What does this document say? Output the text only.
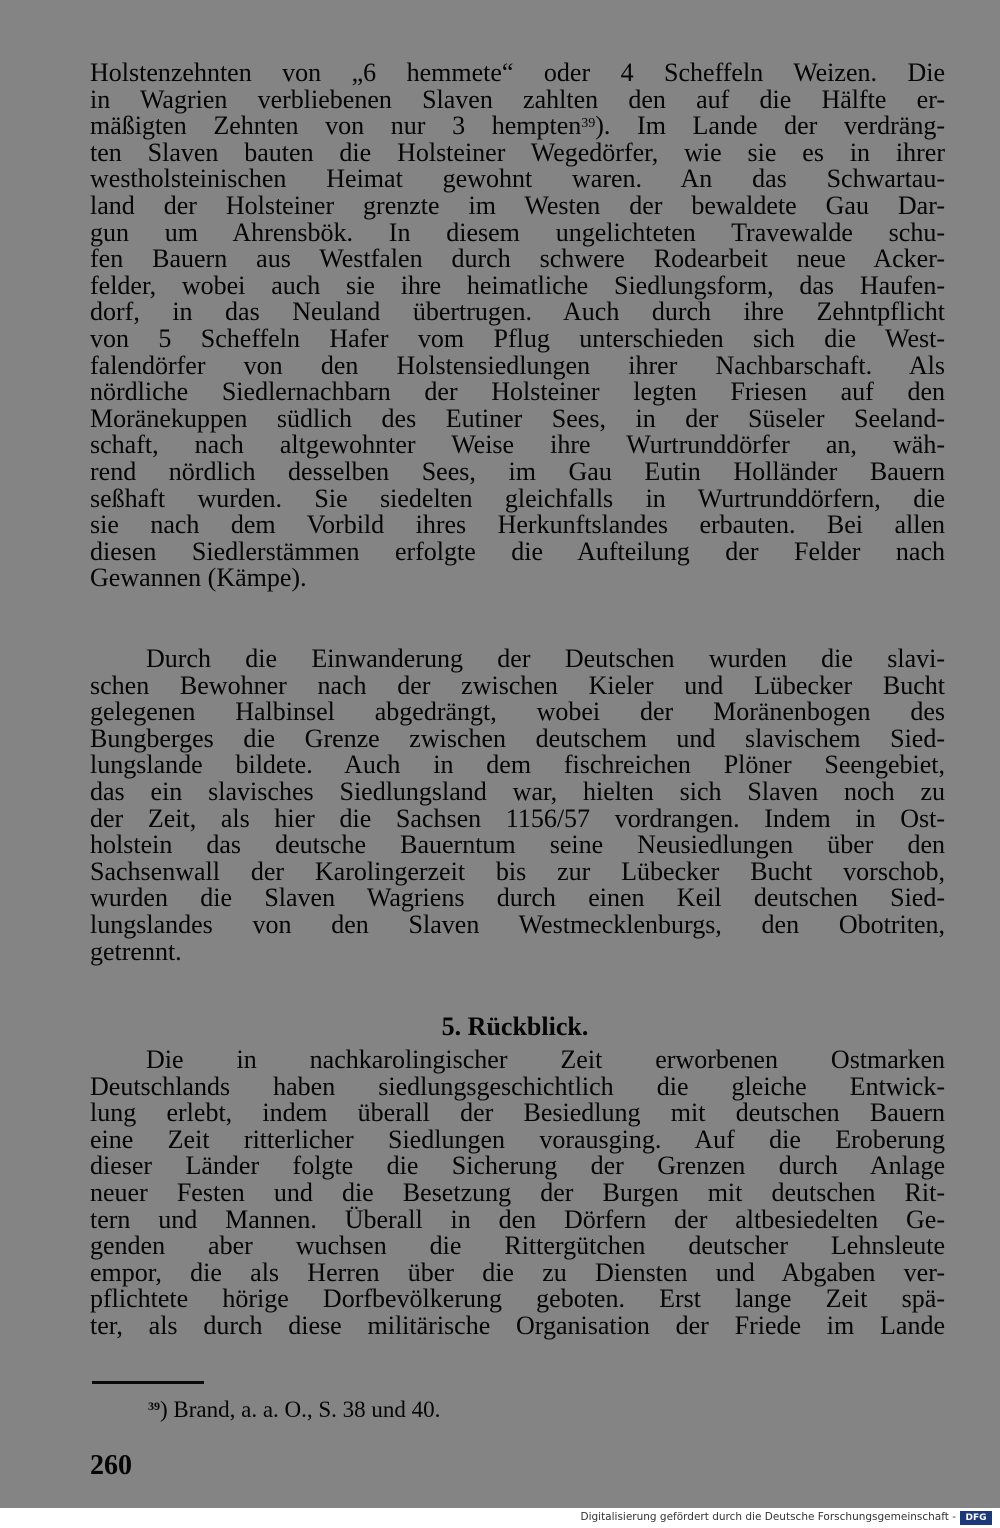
Holstenzehnten von „6 hemmete“ oder 4 Scheffeln Weizen. Die
in Wagrien verbliebenen Slaven zahlten den auf die Hälfte er-
mäßigten Zehnten von nur 3 hempten$^{39}$). Im Lande der verdräng-
ten Slaven bauten die Holsteiner Wegedörfer, wie sie es in ihrer
westholsteinischen Heimat gewohnt waren. An das Schwartau-
land der Holsteiner grenzte im Westen der bewaldete Gau Dar-
gun um Ahrensbök. In diesem ungelichteten Travewalde schu-
fen Bauern aus Westfalen durch schwere Rodearbeit neue Acker-
felder, wobei auch sie ihre heimatliche Siedlungsform, das Haufen-
dorf, in das Neuland übertrugen. Auch durch ihre Zehntpflicht
von 5 Scheffeln Hafer vom Pflug unterschieden sich die West-
falendörfer von den Holstensiedlungen ihrer Nachbarschaft. Als
nördliche Siedlernachbarn der Holsteiner legten Friesen auf den
Moränekuppen südlich des Eutiner Sees, in der Süseler Seeland-
schaft, nach altgewohnter Weise ihre Wurtrunddörfer an, wäh-
rend nördlich desselben Sees, im Gau Eutin Holländer Bauern
seßhaft wurden. Sie siedelten gleichfalls in Wurtrunddörfern, die
sie nach dem Vorbild ihres Herkunftslandes erbauten. Bei allen
diesen Siedlerstämmen erfolgte die Aufteilung der Felder nach
Gewannen (Kämpe).
Durch die Einwanderung der Deutschen wurden die slavi-
schen Bewohner nach der zwischen Kieler und Lübecker Bucht
gelegenen Halbinsel abgedrängt, wobei der Moränenbogen des
Bungberges die Grenze zwischen deutschem und slavischem Sied-
lungslande bildete. Auch in dem fischreichen Plöner Seengebiet,
das ein slavisches Siedlungsland war, hielten sich Slaven noch zu
der Zeit, als hier die Sachsen 1156/57 vordrangen. Indem in Ost-
holstein das deutsche Bauerntum seine Neusiedlungen über den
Sachsenwall der Karolingerzeit bis zur Lübecker Bucht vorschob,
wurden die Slaven Wagriens durch einen Keil deutschen Sied-
lungslandes von den Slaven Westmecklenburgs, den Obotriten,
getrennt.
5. Rückblick.
Die in nachkarolingischer Zeit erworbenen Ostmarken
Deutschlands haben siedlungsgeschichtlich die gleiche Entwick-
lung erlebt, indem überall der Besiedlung mit deutschen Bauern
eine Zeit ritterlicher Siedlungen vorausging. Auf die Eroberung
dieser Länder folgte die Sicherung der Grenzen durch Anlage
neuer Festen und die Besetzung der Burgen mit deutschen Rit-
tern und Mannen. Überall in den Dörfern der altbesiedelten Ge-
genden aber wuchsen die Rittergütchen deutscher Lehnsleute
empor, die als Herren über die zu Diensten und Abgaben ver-
pflichtete hörige Dorfbevölkerung geboten. Erst lange Zeit spä-
ter, als durch diese militärische Organisation der Friede im Lande
$^{39}$) Brand, a. a. O., S. 38 und 40.
260
Digitalisierung gefördert durch die Deutsche Forschungsgemeinschaft -	DFG
